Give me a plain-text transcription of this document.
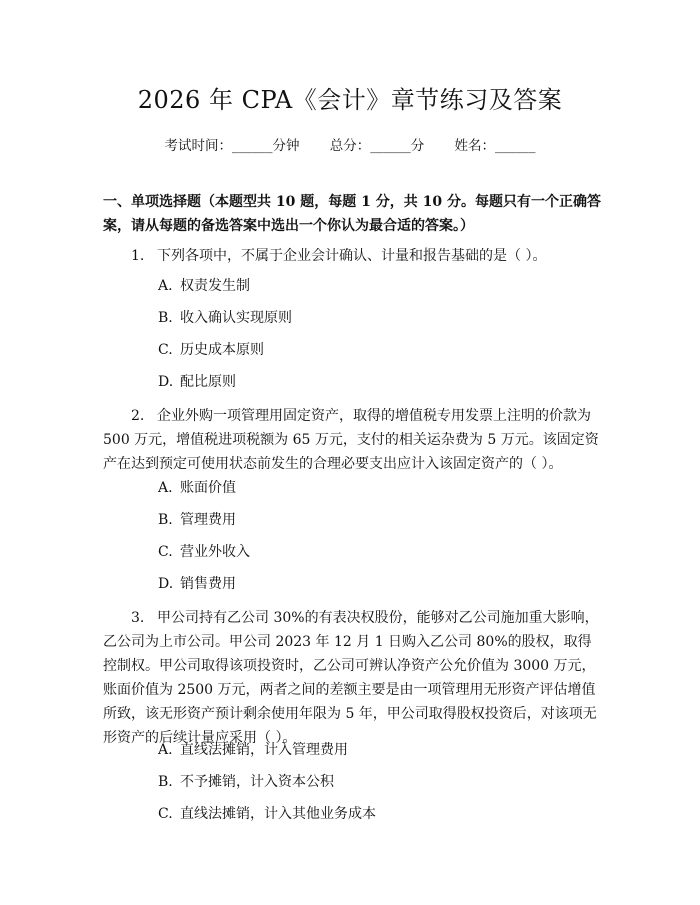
2026 年 CPA《会计》章节练习及答案
考试时间：______分钟 总分：______分 姓名：______
一、单项选择题（本题型共 10 题，每题 1 分，共 10 分。每题只有一个正确答案，请从每题的备选答案中选出一个你认为最合适的答案。）
1. 下列各项中，不属于企业会计确认、计量和报告基础的是（ ）。
A. 权责发生制
B. 收入确认实现原则
C. 历史成本原则
D. 配比原则
2. 企业外购一项管理用固定资产，取得的增值税专用发票上注明的价款为 500 万元，增值税进项税额为 65 万元，支付的相关运杂费为 5 万元。该固定资产在达到预定可使用状态前发生的合理必要支出应计入该固定资产的（ ）。
A. 账面价值
B. 管理费用
C. 营业外收入
D. 销售费用
3. 甲公司持有乙公司 30%的有表决权股份，能够对乙公司施加重大影响，乙公司为上市公司。甲公司 2023 年 12 月 1 日购入乙公司 80%的股权，取得控制权。甲公司取得该项投资时，乙公司可辨认净资产公允价值为 3000 万元，账面价值为 2500 万元，两者之间的差额主要是由一项管理用无形资产评估增值所致，该无形资产预计剩余使用年限为 5 年，甲公司取得股权投资后，对该项无形资产的后续计量应采用（ ）。
A. 直线法摊销，计入管理费用
B. 不予摊销，计入资本公积
C. 直线法摊销，计入其他业务成本
